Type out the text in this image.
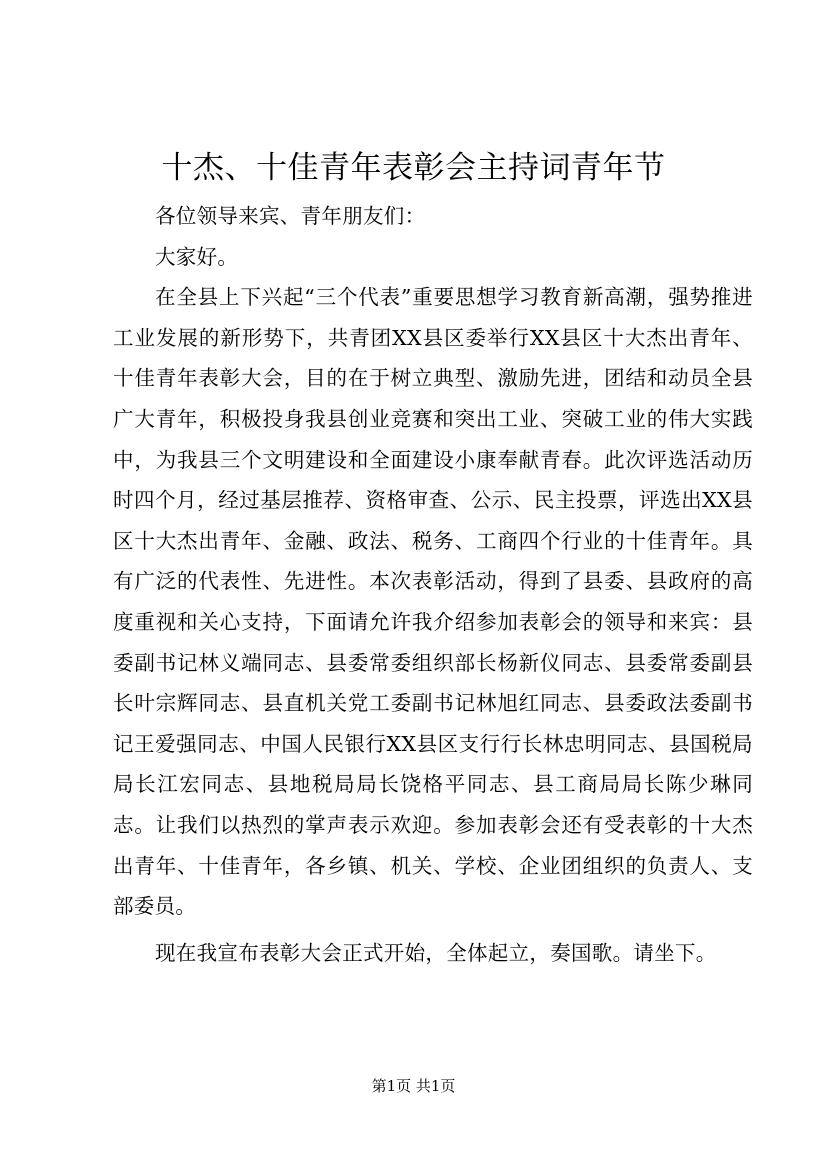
十杰、十佳青年表彰会主持词青年节

各位领导来宾、青年朋友们：

大家好。

在全县上下兴起“三个代表”重要思想学习教育新高潮，强势推进工业发展的新形势下，共青团XX县区委举行XX县区十大杰出青年、十佳青年表彰大会，目的在于树立典型、激励先进，团结和动员全县广大青年，积极投身我县创业竞赛和突出工业、突破工业的伟大实践中，为我县三个文明建设和全面建设小康奉献青春。此次评选活动历时四个月，经过基层推荐、资格审查、公示、民主投票，评选出XX县区十大杰出青年、金融、政法、税务、工商四个行业的十佳青年。具有广泛的代表性、先进性。本次表彰活动，得到了县委、县政府的高度重视和关心支持，下面请允许我介绍参加表彰会的领导和来宾：县委副书记林义端同志、县委常委组织部长杨新仪同志、县委常委副县长叶宗辉同志、县直机关党工委副书记林旭红同志、县委政法委副书记王爱强同志、中国人民银行XX县区支行行长林忠明同志、县国税局局长江宏同志、县地税局局长饶格平同志、县工商局局长陈少琳同志。让我们以热烈的掌声表示欢迎。参加表彰会还有受表彰的十大杰出青年、十佳青年，各乡镇、机关、学校、企业团组织的负责人、支部委员。

现在我宣布表彰大会正式开始，全体起立，奏国歌。请坐下。

第1页 共1页
